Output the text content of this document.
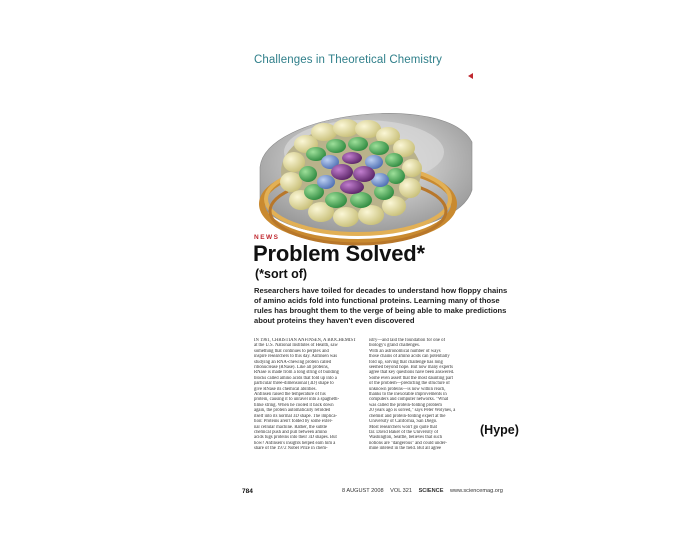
Challenges in Theoretical Chemistry
NEWS
Problem Solved*
(*sort of)
Researchers have toiled for decades to understand how floppy chains
of amino acids fold into functional proteins. Learning many of those
rules has brought them to the verge of being able to make predictions
about proteins they haven't even discovered
IN 1961, CHRISTIAN ANFINSEN, A BIOCHEMIST
at the U.S. National Institutes of Health, saw
something that continues to perplex and
inspire researchers to this day. Anfinsen was
studying an RNA-chewing protein called
ribonuclease (RNase). Like all proteins,
RNase is made from a long string of building
blocks called amino acids that fold up into a
particular three-dimensional (3D) shape to
give RNase its chemical abilities.
Anfinsen raised the temperature of his
protein, causing it to unravel into a spaghetti-
tilike string. When he cooled it back down
again, the protein automatically refolded
itself into its normal 3D shape. The implica-
tion: Proteins aren't folded by some exter-
nal cellular machine. Rather, the subtle
chemical push and pull between amino
acids tugs proteins into their 3D shapes. But
how? Anfinsen's insights helped earn him a
share of the 1972 Nobel Prize in chem-
istry—and laid the foundation for one of
biology's grand challenges.
With an astronomical number of ways
those chains of amino acids can potentially
fold up, solving that challenge has long
seemed beyond hope. But now many experts
agree that key questions have been answered.
Some even assert that the most daunting part
of the problem—predicting the structure of
unknown proteins—is now within reach,
thanks to the inexorable improvements in
computers and computer networks. "What
was called the protein-folding problem
20 years ago is solved," says Peter Wolynes, a
chemist and protein-folding expert at the
University of California, San Diego.
Most researchers won't go quite that
far. David Baker of the University of
Washington, Seattle, believes that such
notions are "dangerous" and could under-
mine interest in the field. But all agree
784	8 AUGUST 2008 VOL 321 SCIENCE www.sciencemag.org
(Hype)
